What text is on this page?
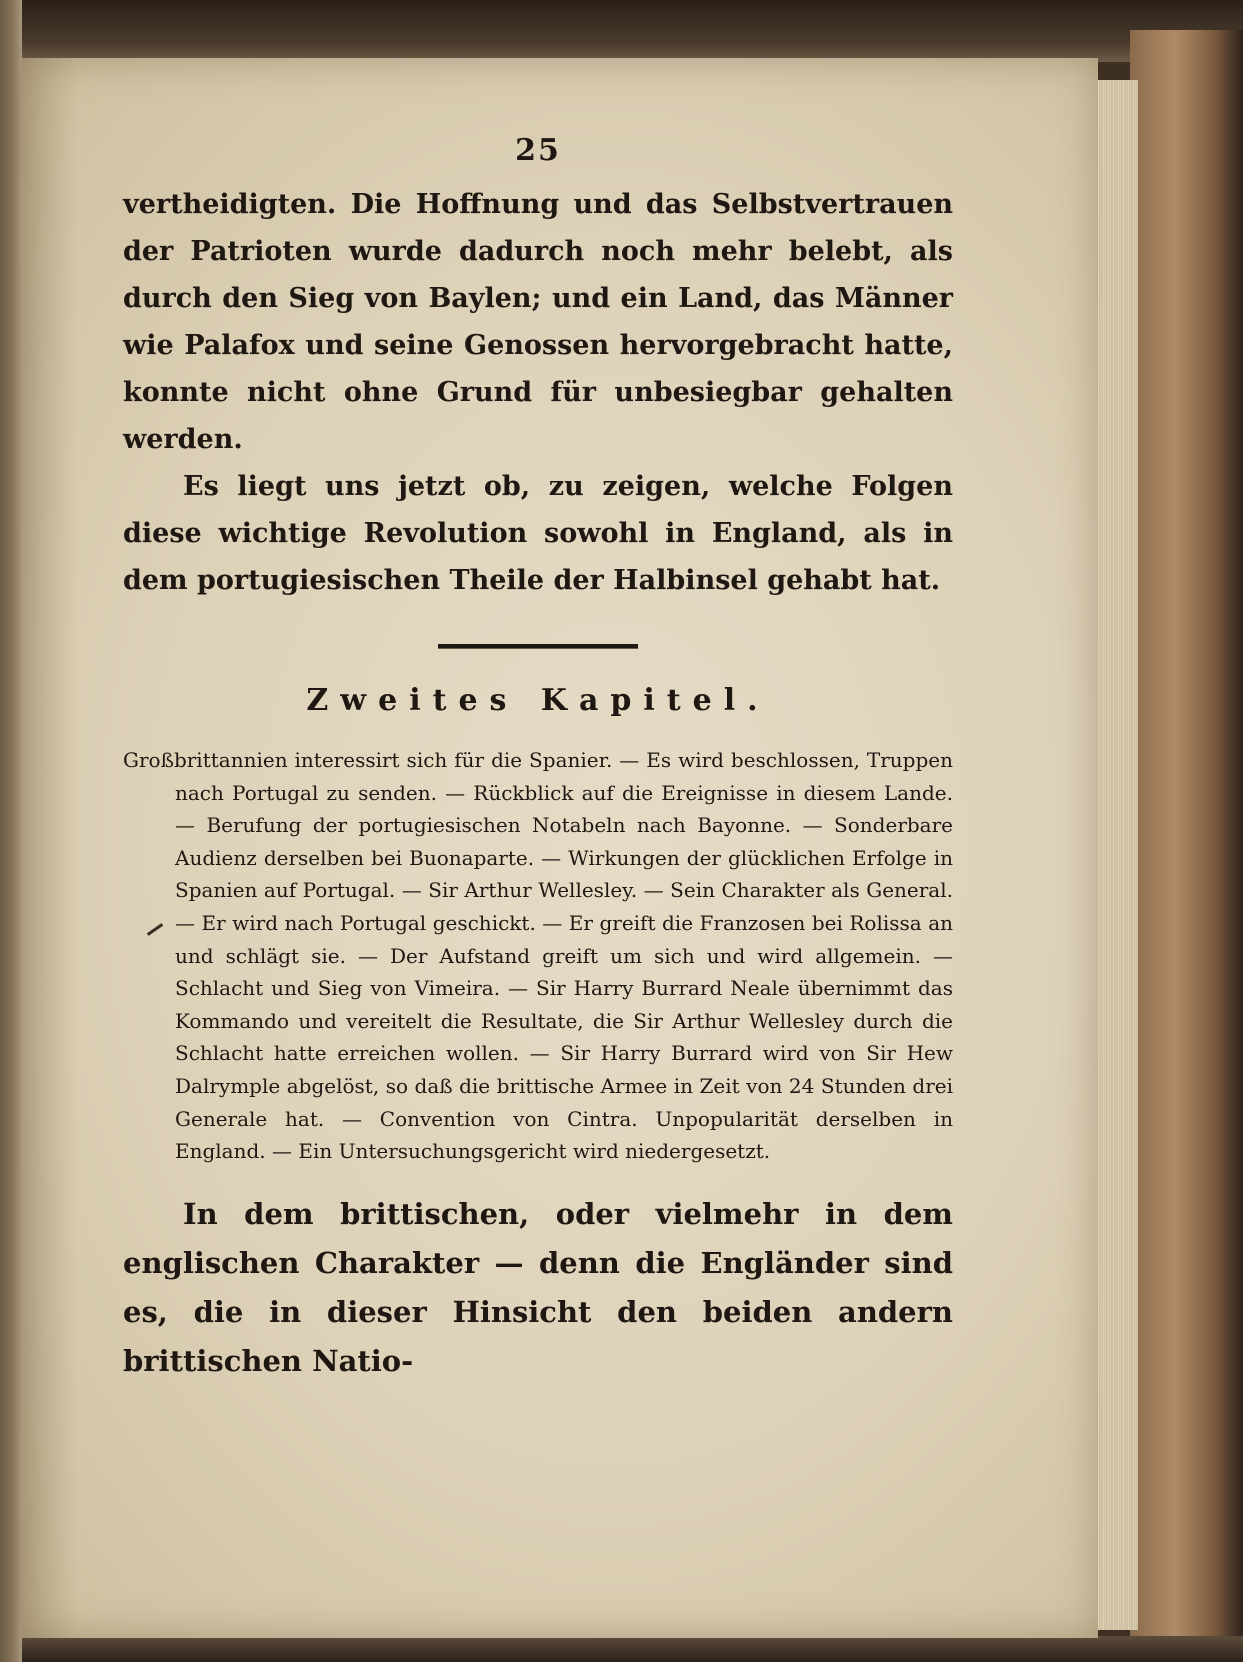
25

vertheidigten. Die Hoffnung und das Selbstvertrauen der Patrioten wurde dadurch noch mehr belebt, als durch den Sieg von Baylen; und ein Land, das Männer wie Palafox und seine Genossen hervorgebracht hatte, konnte nicht ohne Grund für unbesiegbar gehalten werden.

Es liegt uns jetzt ob, zu zeigen, welche Folgen diese wichtige Revolution sowohl in England, als in dem portugiesischen Theile der Halbinsel gehabt hat.

Zweites Kapitel.

Großbrittannien interessirt sich für die Spanier. — Es wird beschlossen, Truppen nach Portugal zu senden. — Rückblick auf die Ereignisse in diesem Lande. — Berufung der portugiesischen Notabeln nach Bayonne. — Sonderbare Audienz derselben bei Buonaparte. — Wirkungen der glücklichen Erfolge in Spanien auf Portugal. — Sir Arthur Wellesley. — Sein Charakter als General. — Er wird nach Portugal geschickt. — Er greift die Franzosen bei Rolissa an und schlägt sie. — Der Aufstand greift um sich und wird allgemein. — Schlacht und Sieg von Vimeira. — Sir Harry Burrard Neale übernimmt das Kommando und vereitelt die Resultate, die Sir Arthur Wellesley durch die Schlacht hatte erreichen wollen. — Sir Harry Burrard wird von Sir Hew Dalrymple abgelöst, so daß die brittische Armee in Zeit von 24 Stunden drei Generale hat. — Convention von Cintra. Unpopularität derselben in England. — Ein Untersuchungsgericht wird niedergesetzt.

In dem brittischen, oder vielmehr in dem englischen Charakter — denn die Engländer sind es, die in dieser Hinsicht den beiden andern brittischen Natio-
